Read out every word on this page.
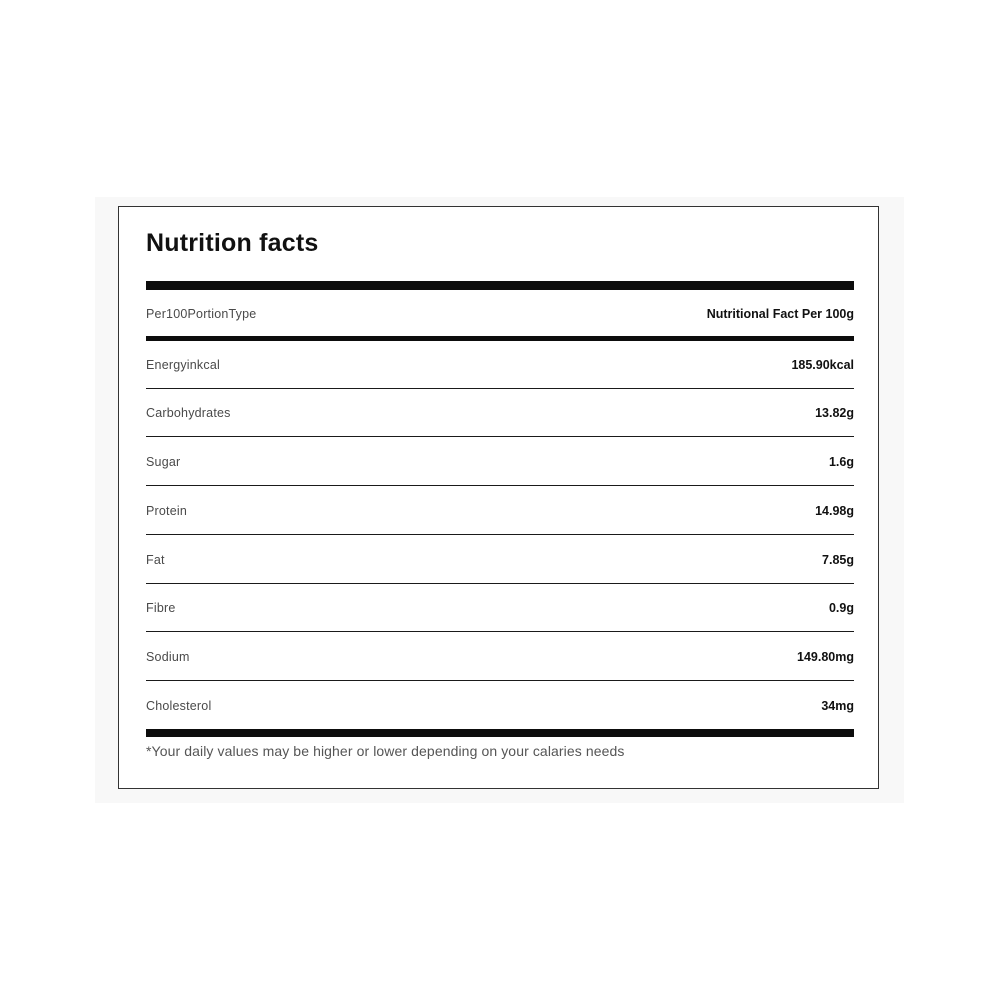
Nutrition facts
Per100PortionType	Nutritional Fact Per 100g
Energyinkcal	185.90kcal
Carbohydrates	13.82g
Sugar	1.6g
Protein	14.98g
Fat	7.85g
Fibre	0.9g
Sodium	149.80mg
Cholesterol	34mg
*Your daily values may be higher or lower depending on your calaries needs
